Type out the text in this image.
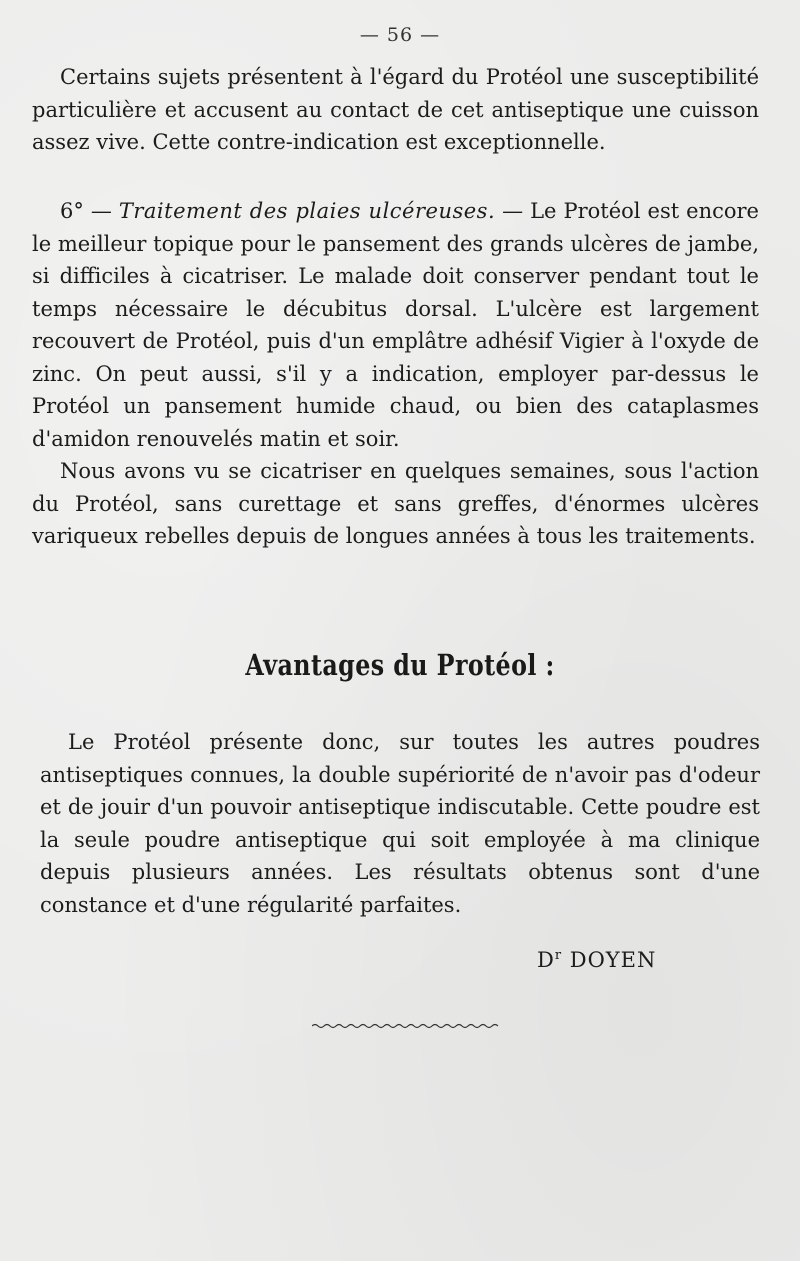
— 56 —

Certains sujets présentent à l'égard du Protéol une susceptibilité particulière et accusent au contact de cet antiseptique une cuisson assez vive. Cette contre-indication est exceptionnelle.

6° — Traitement des plaies ulcéreuses. — Le Protéol est encore le meilleur topique pour le pansement des grands ulcères de jambe, si difficiles à cicatriser. Le malade doit conserver pendant tout le temps nécessaire le décubitus dorsal. L'ulcère est largement recouvert de Protéol, puis d'un emplâtre adhésif Vigier à l'oxyde de zinc. On peut aussi, s'il y a indication, employer par-dessus le Protéol un pansement humide chaud, ou bien des cataplasmes d'amidon renouvelés matin et soir.

Nous avons vu se cicatriser en quelques semaines, sous l'action du Protéol, sans curettage et sans greffes, d'énormes ulcères variqueux rebelles depuis de longues années à tous les traitements.

Avantages du Protéol :

Le Protéol présente donc, sur toutes les autres poudres antiseptiques connues, la double supériorité de n'avoir pas d'odeur et de jouir d'un pouvoir antiseptique indiscutable. Cette poudre est la seule poudre antiseptique qui soit employée à ma clinique depuis plusieurs années. Les résultats obtenus sont d'une constance et d'une régularité parfaites.

$D^r$ DOYEN
